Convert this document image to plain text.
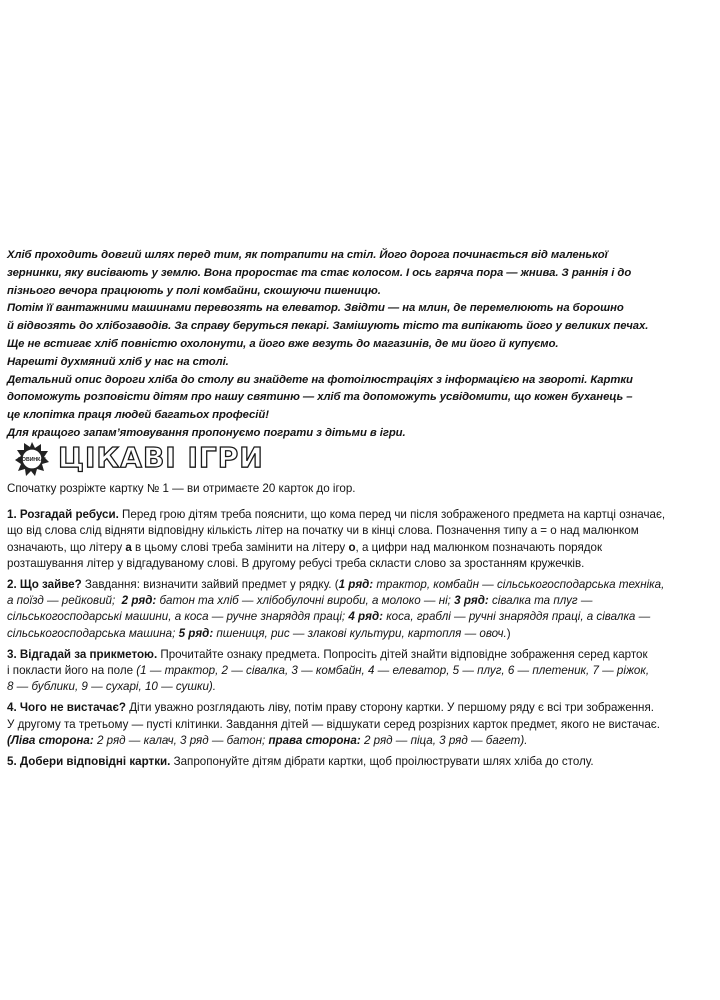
Хліб проходить довгий шлях перед тим, як потрапити на стіл. Його дорога починається від маленької
зернинки, яку висівають у землю. Вона проростає та стає колосом. І ось гаряча пора — жнива. З раннія і до
пізнього вечора працюють у полі комбайни, скошуючи пшеницю.

Потім її вантажними машинами перевозять на елеватор. Звідти — на млин, де перемелюють на борошно
й відвозять до хлібозаводів. За справу беруться пекарі. Замішують тісто та випікають його у великих печах.
Ще не встигає хліб повністю охолонути, а його вже везуть до магазинів, де ми його й купуємо.
Нарешті духмяний хліб у нас на столі.

Детальний опис дороги хліба до столу ви знайдете на фотоілюстраціях з інформацією на звороті. Картки
допоможуть розповісти дітям про нашу святиню — хліб та допоможуть усвідомити, що кожен буханець –
це клопітка праця людей багатьох професій!

Для кращого запам’ятовування пропонуємо пограти з дітьми в ігри.

НОВИНКА! ЦІКАВІ ІГРИ

Спочатку розріжте картку № 1 — ви отримаєте 20 карток до ігор.

1. Розгадай ребуси. Перед грою дітям треба пояснити, що кома перед чи після зображеного предмета на картці означає,
що від слова слід відняти відповідну кількість літер на початку чи в кінці слова. Позначення типу а = о над малюнком
означають, що літеру а в цьому слові треба замінити на літеру о, а цифри над малюнком позначають порядок
розташування літер у відгадуваному слові. В другому ребусі треба скласти слово за зростанням кружечків.

2. Що зайве? Завдання: визначити зайвий предмет у рядку. (1 ряд: трактор, комбайн — сільськогосподарська техніка,
а поїзд — рейковий; 2 ряд: батон та хліб — хлібобулочні вироби, а молоко — ні; 3 ряд: сівалка та плуг —
сільськогосподарські машини, а коса — ручне знаряддя праці; 4 ряд: коса, граблі — ручні знаряддя праці, а сівалка —
сільськогосподарська машина; 5 ряд: пшениця, рис — злакові культури, картопля — овоч.)

3. Відгадай за прикметою. Прочитайте ознаку предмета. Попросіть дітей знайти відповідне зображення серед карток
і покласти його на поле (1 — трактор, 2 — сівалка, 3 — комбайн, 4 — елеватор, 5 — плуг, 6 — плетеник, 7 — ріжок,
8 — бублики, 9 — сухарі, 10 — сушки).

4. Чого не вистачає? Діти уважно розглядають ліву, потім праву сторону картки. У першому ряду є всі три зображення.
У другому та третьому — пусті клітинки. Завдання дітей — відшукати серед розрізних карток предмет, якого не вистачає.
(Ліва сторона: 2 ряд — калач, 3 ряд — батон; права сторона: 2 ряд — піца, 3 ряд — багет).

5. Добери відповідні картки. Запропонуйте дітям дібрати картки, щоб проілюструвати шлях хліба до столу.
